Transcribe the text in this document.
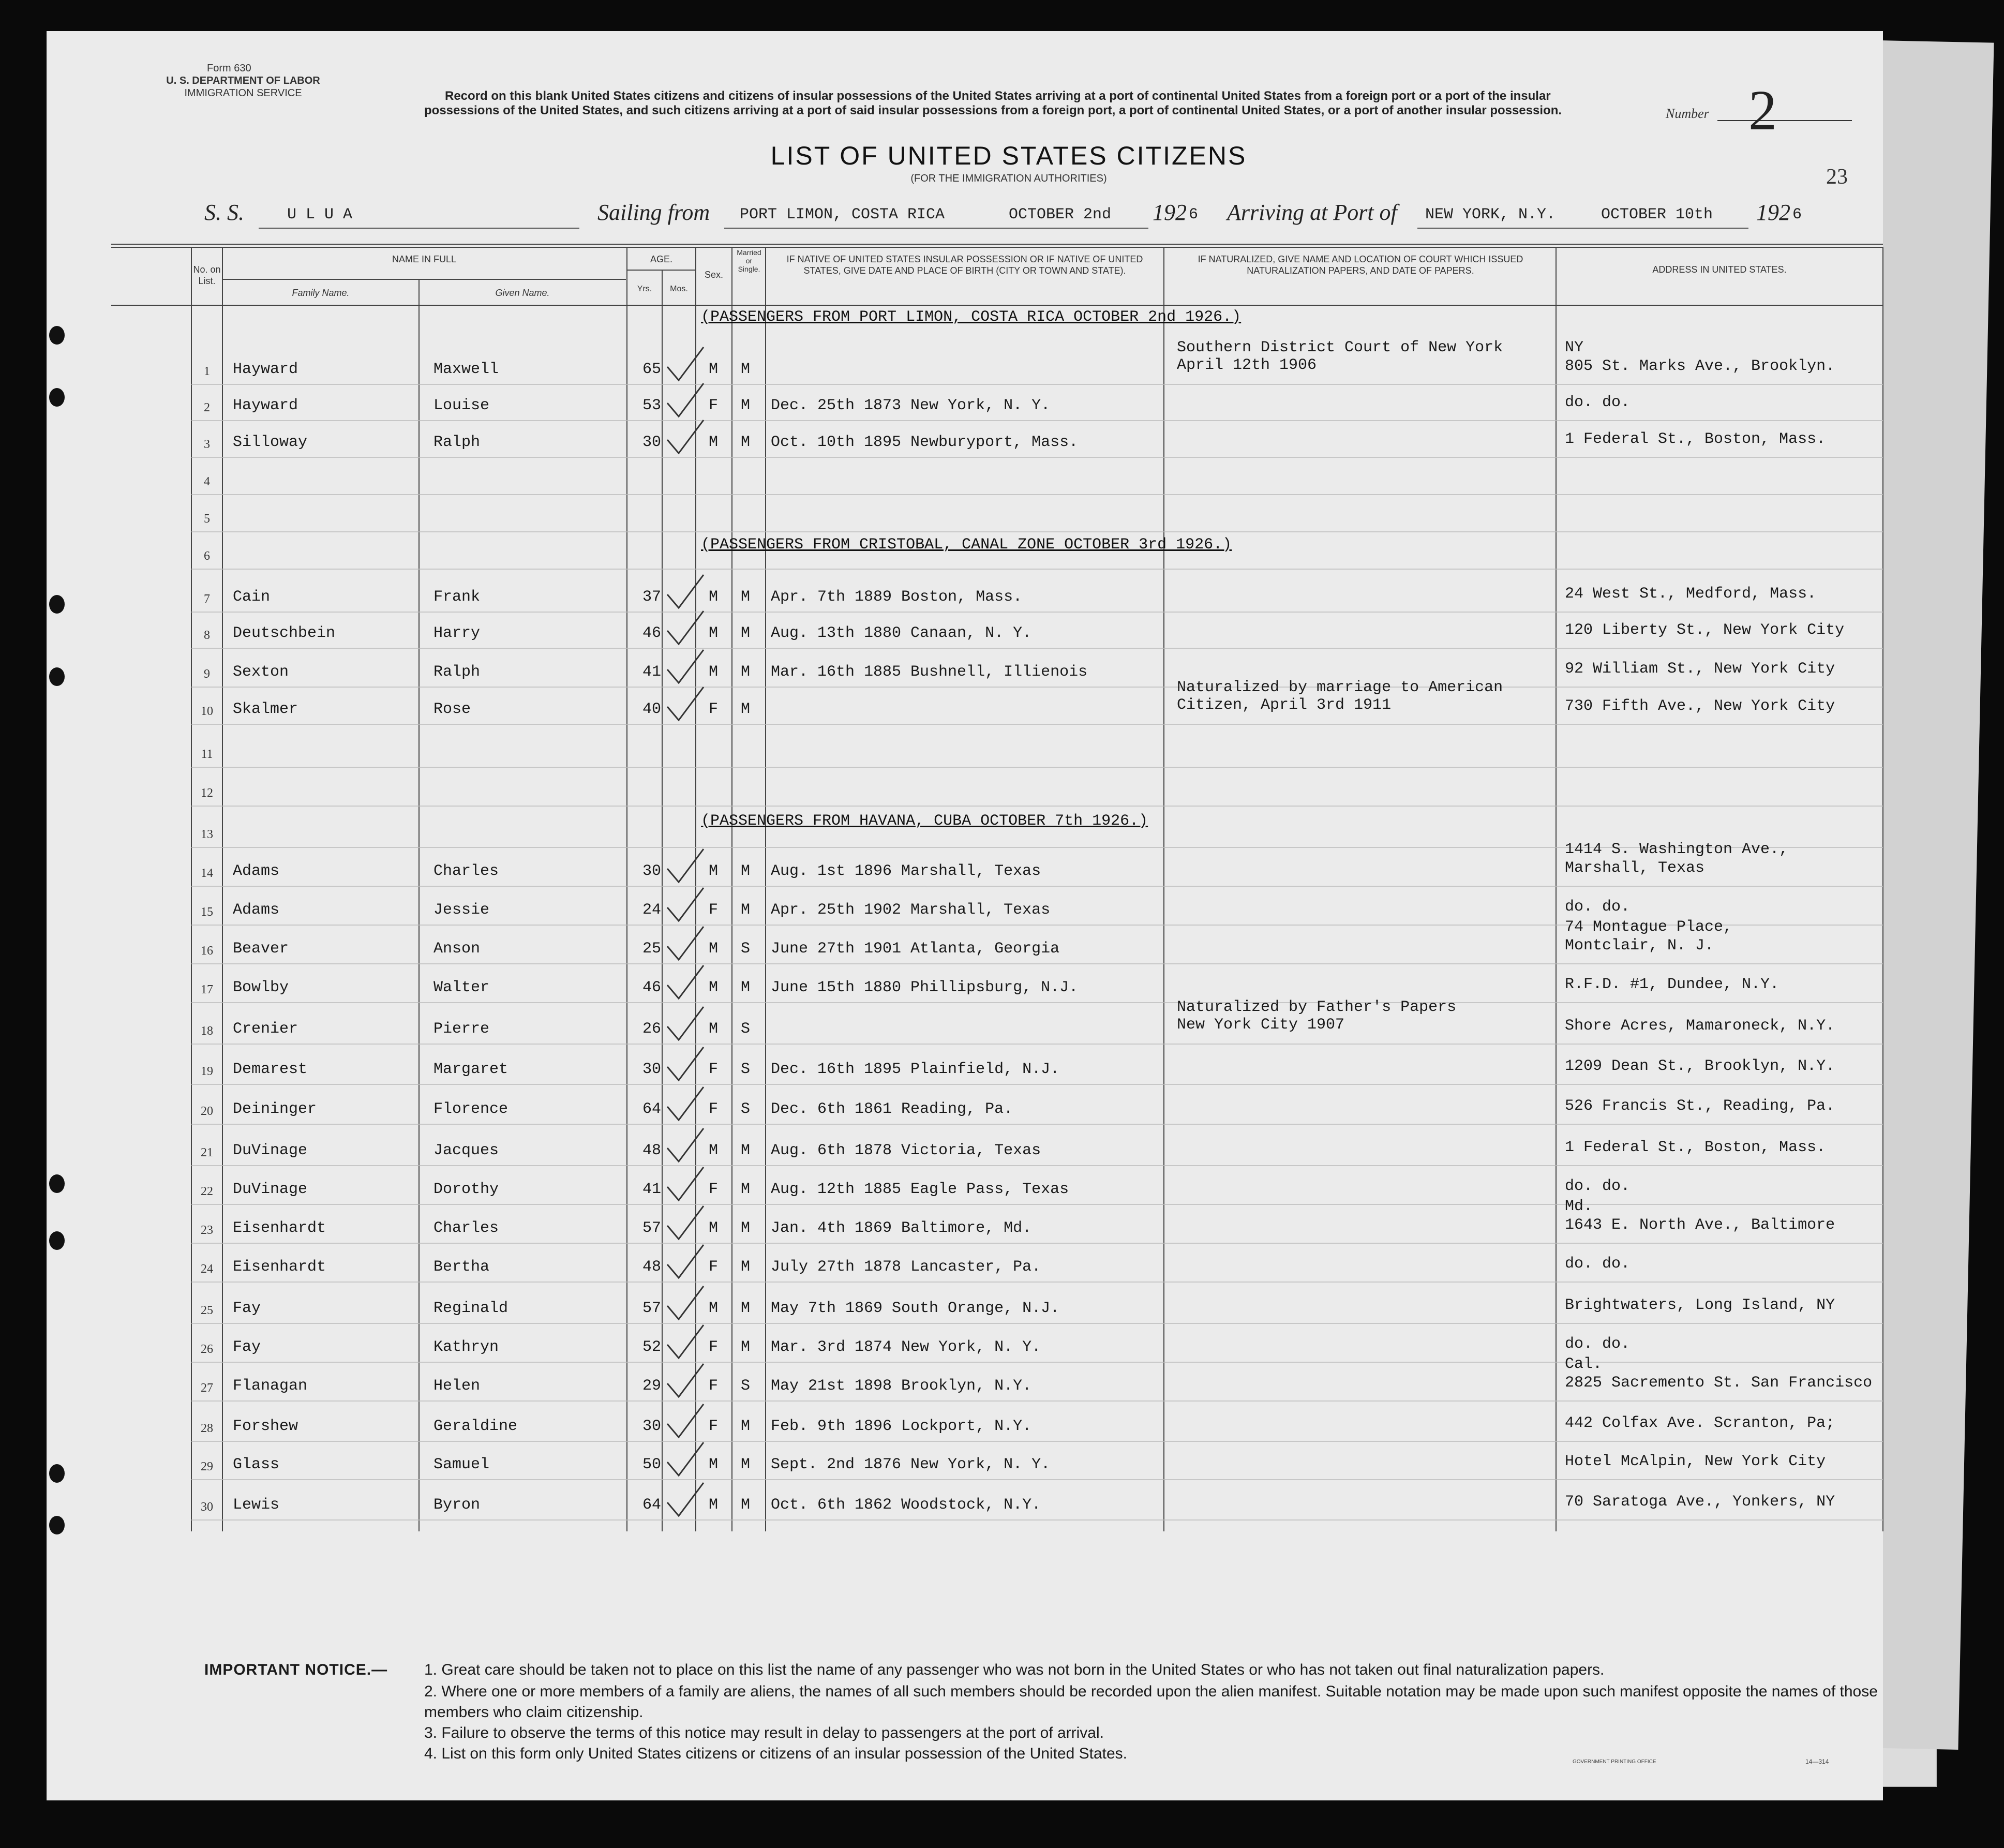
Form 630
U. S. DEPARTMENT OF LABOR
IMMIGRATION SERVICE	Record on this blank United States citizens and citizens of insular possessions of the United States arriving at a port of continental United States from a foreign port or a port of the insular possessions of the United States, and such citizens arriving at a port of said insular possessions from a foreign port, a port of continental United States, or a port of another insular possession.	Number 2
LIST OF UNITED STATES CITIZENS
(FOR THE IMMIGRATION AUTHORITIES)	23
S. S.	U L U A	Sailing from PORT LIMON, COSTA RICA	OCTOBER 2nd 192 6 Arriving at Port of NEW YORK, N.Y.	OCTOBER 10th 192 6
No. on List.
NAME IN FULL
Family Name.	Given Name.
AGE.
Yrs.	Mos.
Sex.
Married or Single.
IF NATIVE OF UNITED STATES INSULAR POSSESSION OR IF NATIVE OF UNITED STATES, GIVE DATE AND PLACE OF BIRTH (CITY OR TOWN AND STATE).
IF NATURALIZED, GIVE NAME AND LOCATION OF COURT WHICH ISSUED NATURALIZATION PAPERS, AND DATE OF PAPERS.	ADDRESS IN UNITED STATES.
(PASSENGERS FROM PORT LIMON, COSTA RICA OCTOBER 2nd 1926.)
(PASSENGERS FROM CRISTOBAL, CANAL ZONE OCTOBER 3rd 1926.)
(PASSENGERS FROM HAVANA, CUBA OCTOBER 7th 1926.)
1	Hayward	Maxwell	65	M M
Southern District Court of New York
April 12th 1906
NY
805 St. Marks Ave., Brooklyn.
2	Hayward	Louise	53	F M Dec. 25th 1873 New York, N. Y.	do. do.
3	Silloway	Ralph	30	M M Oct. 10th 1895 Newburyport, Mass.	1 Federal St., Boston, Mass.
4
5
6
7	Cain	Frank	37	M M Apr. 7th 1889 Boston, Mass.	24 West St., Medford, Mass.
8	Deutschbein	Harry	46	M M Aug. 13th 1880 Canaan, N. Y.	120 Liberty St., New York City
9	Sexton	Ralph	41	M M Mar. 16th 1885 Bushnell, Illienois	92 William St., New York City
10	Skalmer	Rose	40	F M
Naturalized by marriage to American
Citizen, April 3rd 1911	730 Fifth Ave., New York City
11
12
13
14	Adams	Charles	30	M M Aug. 1st 1896 Marshall, Texas
1414 S. Washington Ave.,
Marshall, Texas
15	Adams	Jessie	24	F M Apr. 25th 1902 Marshall, Texas	do. do.
16	Beaver	Anson	25	M S June 27th 1901 Atlanta, Georgia
74 Montague Place,
Montclair, N. J.
17	Bowlby	Walter	46	M M June 15th 1880 Phillipsburg, N.J.	R.F.D. #1, Dundee, N.Y.
18	Crenier	Pierre	26	M S
Naturalized by Father's Papers
New York City 1907	Shore Acres, Mamaroneck, N.Y.
19	Demarest	Margaret	30	F S Dec. 16th 1895 Plainfield, N.J.	1209 Dean St., Brooklyn, N.Y.
20	Deininger	Florence	64	F S Dec. 6th 1861 Reading, Pa.	526 Francis St., Reading, Pa.
21	DuVinage	Jacques	48	M M Aug. 6th 1878 Victoria, Texas	1 Federal St., Boston, Mass.
22	DuVinage	Dorothy	41	F M Aug. 12th 1885 Eagle Pass, Texas	do. do.
23	Eisenhardt	Charles	57	M M Jan. 4th 1869 Baltimore, Md.
Md.
1643 E. North Ave., Baltimore
24	Eisenhardt	Bertha	48	F M July 27th 1878 Lancaster, Pa.	do. do.
25	Fay	Reginald	57	M M May 7th 1869 South Orange, N.J.	Brightwaters, Long Island, NY
26	Fay	Kathryn	52	F M Mar. 3rd 1874 New York, N. Y.	do. do.
27	Flanagan	Helen	29	F S May 21st 1898 Brooklyn, N.Y.
Cal.
2825 Sacremento St. San Francisco
28	Forshew	Geraldine	30	F M Feb. 9th 1896 Lockport, N.Y.	442 Colfax Ave. Scranton, Pa;
29	Glass	Samuel	50	M M Sept. 2nd 1876 New York, N. Y.	Hotel McAlpin, New York City
30	Lewis	Byron	64	M M Oct. 6th 1862 Woodstock, N.Y.	70 Saratoga Ave., Yonkers, NY
IMPORTANT NOTICE.— 1. Great care should be taken not to place on this list the name of any passenger who was not born in the United States or who has not taken out final naturalization papers.
2. Where one or more members of a family are aliens, the names of all such members should be recorded upon the alien manifest. Suitable notation may be made upon such manifest opposite the names of those members who claim citizenship.
3. Failure to observe the terms of this notice may result in delay to passengers at the port of arrival.
4. List on this form only United States citizens or citizens of an insular possession of the United States.	GOVERNMENT PRINTING OFFICE	14—314
